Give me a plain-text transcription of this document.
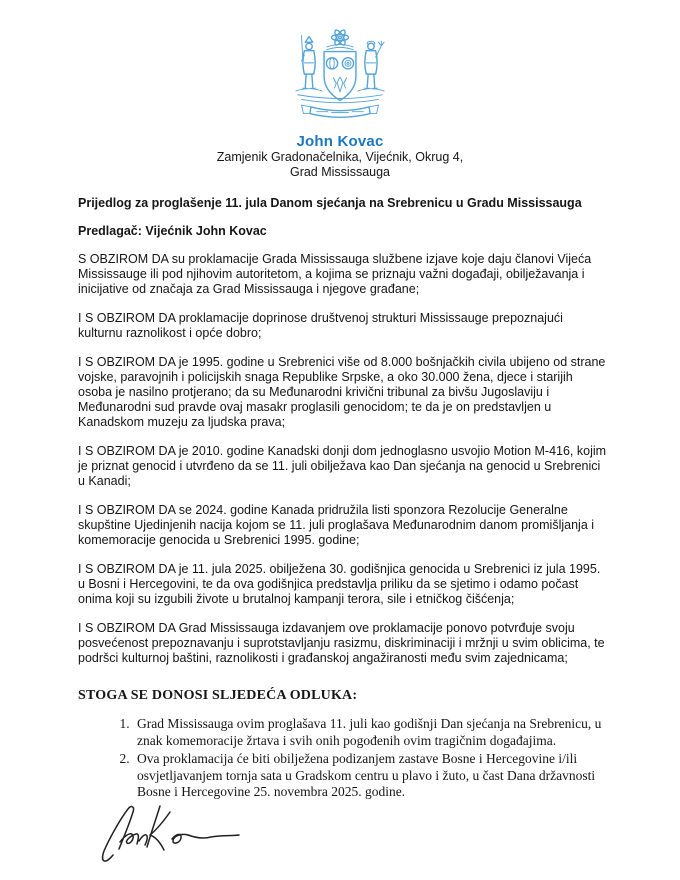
John Kovac
Zamjenik Gradonačelnika, Vijećnik, Okrug 4,
Grad Mississauga
Prijedlog za proglašenje 11. jula Danom sjećanja na Srebrenicu u Gradu Mississauga
Predlagač: Vijećnik John Kovac

S OBZIROM DA su proklamacije Grada Mississauga službene izjave koje daju članovi Vijeća Mississauge ili pod njihovim autoritetom, a kojima se priznaju važni događaji, obilježavanja i inicijative od značaja za Grad Mississauga i njegove građane;

I S OBZIROM DA proklamacije doprinose društvenoj strukturi Mississauge prepoznajući kulturnu raznolikost i opće dobro;

I S OBZIROM DA je 1995. godine u Srebrenici više od 8.000 bošnjačkih civila ubijeno od strane vojske, paravojnih i policijskih snaga Republike Srpske, a oko 30.000 žena, djece i starijih osoba je nasilno protjerano; da su Međunarodni krivični tribunal za bivšu Jugoslaviju i Međunarodni sud pravde ovaj masakr proglasili genocidom; te da je on predstavljen u Kanadskom muzeju za ljudska prava;

I S OBZIROM DA je 2010. godine Kanadski donji dom jednoglasno usvojio Motion M-416, kojim je priznat genocid i utvrđeno da se 11. juli obilježava kao Dan sjećanja na genocid u Srebrenici u Kanadi;

I S OBZIROM DA se 2024. godine Kanada pridružila listi sponzora Rezolucije Generalne skupštine Ujedinjenih nacija kojom se 11. juli proglašava Međunarodnim danom promišljanja i komemoracije genocida u Srebrenici 1995. godine;

I S OBZIROM DA je 11. jula 2025. obilježena 30. godišnjica genocida u Srebrenici iz jula 1995. u Bosni i Hercegovini, te da ova godišnjica predstavlja priliku da se sjetimo i odamo počast onima koji su izgubili živote u brutalnoj kampanji terora, sile i etničkog čišćenja;

I S OBZIROM DA Grad Mississauga izdavanjem ove proklamacije ponovo potvrđuje svoju posvećenost prepoznavanju i suprotstavljanju rasizmu, diskriminaciji i mržnji u svim oblicima, te podršci kulturnoj baštini, raznolikosti i građanskoj angažiranosti među svim zajednicama;

STOGA SE DONOSI SLJEDEĆA ODLUKA:

1. Grad Mississauga ovim proglašava 11. juli kao godišnji Dan sjećanja na Srebrenicu, u znak komemoracije žrtava i svih onih pogođenih ovim tragičnim događajima.
2. Ova proklamacija će biti obilježena podizanjem zastave Bosne i Hercegovine i/ili osvjetljavanjem tornja sata u Gradskom centru u plavo i žuto, u čast Dana državnosti Bosne i Hercegovine 25. novembra 2025. godine.
